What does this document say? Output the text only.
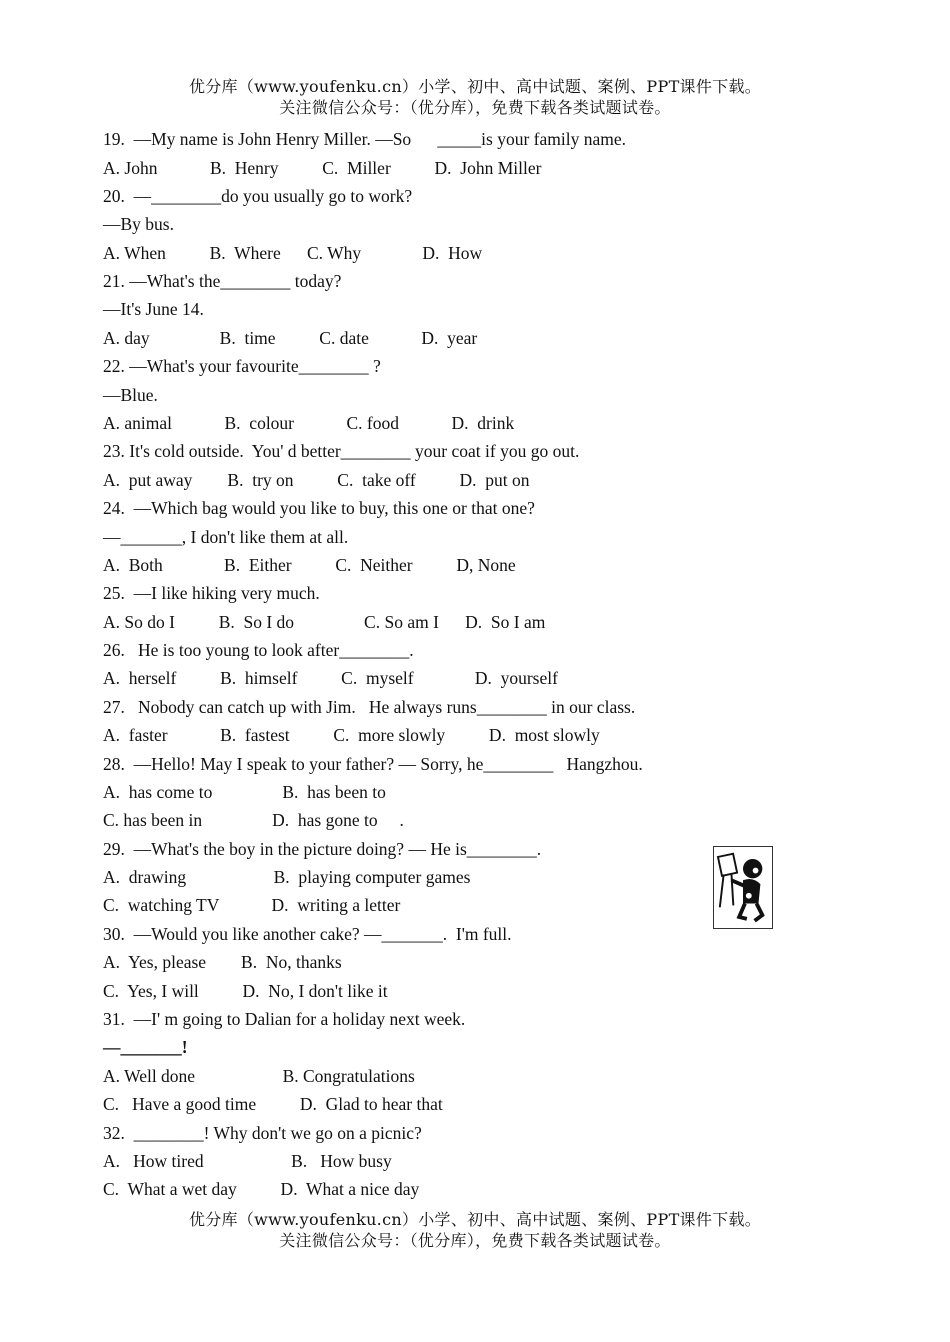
优分库（www.youfenku.cn）小学、初中、高中试题、案例、PPT课件下载。
关注微信公众号：（优分库），免费下载各类试题试卷。
19.  —My name is John Henry Miller. —So      _____is your family name.
A. John            B.  Henry          C.  Miller          D.  John Miller
20.  —________do you usually go to work?
—By bus.
A. When          B.  Where      C. Why              D.  How
21. —What's the________ today?
—It's June 14.
A. day                B.  time          C. date            D.  year
22. —What's your favourite________ ?
—Blue.
A. animal            B.  colour            C. food            D.  drink
23. It's cold outside.  You' d better________ your coat if you go out.
A.  put away        B.  try on          C.  take off          D.  put on
24.  —Which bag would you like to buy, this one or that one?
—_______, I don't like them at all.
A.  Both              B.  Either          C.  Neither          D, None
25.  —I like hiking very much.
A. So do I          B.  So I do                C. So am I      D.  So I am
26.   He is too young to look after________.
A.  herself          B.  himself          C.  myself              D.  yourself
27.   Nobody can catch up with Jim.   He always runs________ in our class.
A.  faster            B.  fastest          C.  more slowly          D.  most slowly
28.  —Hello! May I speak to your father? — Sorry, he________   Hangzhou.
A.  has come to                B.  has been to
C. has been in                D.  has gone to     .
29.  —What's the boy in the picture doing? — He is________.
A.  drawing                    B.  playing computer games
C.  watching TV            D.  writing a letter
30.  —Would you like another cake? —_______.  I'm full.
A.  Yes, please        B.  No, thanks
C.  Yes, I will          D.  No, I don't like it
31.  —I' m going to Dalian for a holiday next week.
—_______!
A. Well done                    B. Congratulations
C.   Have a good time          D.  Glad to hear that
32.  ________! Why don't we go on a picnic?
A.   How tired                    B.   How busy
C.  What a wet day          D.  What a nice day
优分库（www.youfenku.cn）小学、初中、高中试题、案例、PPT课件下载。
关注微信公众号：（优分库），免费下载各类试题试卷。
